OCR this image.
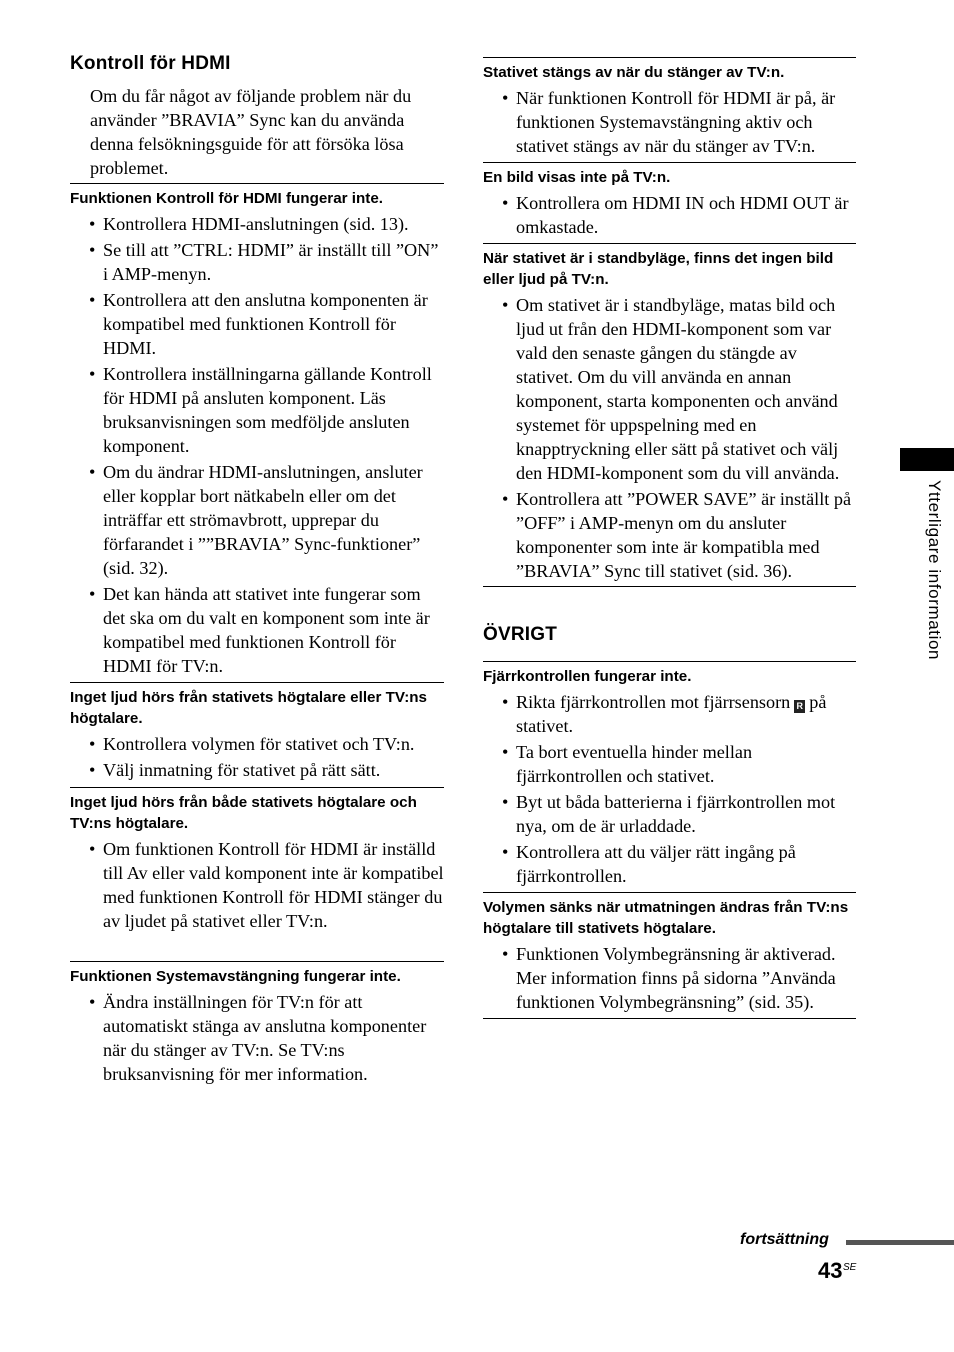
Kontroll för HDMI
Om du får något av följande problem när du använder ”BRAVIA” Sync kan du använda denna felsökningsguide för att försöka lösa problemet.
Funktionen Kontroll för HDMI fungerar inte.
• Kontrollera HDMI-anslutningen (sid. 13).
• Se till att ”CTRL: HDMI” är inställt till ”ON” i AMP-menyn.
• Kontrollera att den anslutna komponenten är kompatibel med funktionen Kontroll för HDMI.
• Kontrollera inställningarna gällande Kontroll för HDMI på ansluten komponent. Läs bruksanvisningen som medföljde ansluten komponent.
• Om du ändrar HDMI-anslutningen, ansluter eller kopplar bort nätkabeln eller om det inträffar ett strömavbrott, upprepar du förfarandet i ””BRAVIA” Sync-funktioner” (sid. 32).
• Det kan hända att stativet inte fungerar som det ska om du valt en komponent som inte är kompatibel med funktionen Kontroll för HDMI för TV:n.
Inget ljud hörs från stativets högtalare eller TV:ns högtalare.
• Kontrollera volymen för stativet och TV:n.
• Välj inmatning för stativet på rätt sätt.
Inget ljud hörs från både stativets högtalare och TV:ns högtalare.
• Om funktionen Kontroll för HDMI är inställd till Av eller vald komponent inte är kompatibel med funktionen Kontroll för HDMI stänger du av ljudet på stativet eller TV:n.
Funktionen Systemavstängning fungerar inte.
• Ändra inställningen för TV:n för att automatiskt stänga av anslutna komponenter när du stänger av TV:n. Se TV:ns bruksanvisning för mer information.
Stativet stängs av när du stänger av TV:n.
• När funktionen Kontroll för HDMI är på, är funktionen Systemavstängning aktiv och stativet stängs av när du stänger av TV:n.
En bild visas inte på TV:n.
• Kontrollera om HDMI IN och HDMI OUT är omkastade.
När stativet är i standbyläge, finns det ingen bild eller ljud på TV:n.
• Om stativet är i standbyläge, matas bild och ljud ut från den HDMI-komponent som var vald den senaste gången du stängde av stativet. Om du vill använda en annan komponent, starta komponenten och använd systemet för uppspelning med en knapptryckning eller sätt på stativet och välj den HDMI-komponent som du vill använda.
• Kontrollera att ”POWER SAVE” är inställt på ”OFF” i AMP-menyn om du ansluter komponenter som inte är kompatibla med ”BRAVIA” Sync till stativet (sid. 36).
ÖVRIGT
Fjärrkontrollen fungerar inte.
• Rikta fjärrkontrollen mot fjärrsensorn R på stativet.
• Ta bort eventuella hinder mellan fjärrkontrollen och stativet.
• Byt ut båda batterierna i fjärrkontrollen mot nya, om de är urladdade.
• Kontrollera att du väljer rätt ingång på fjärrkontrollen.
Volymen sänks när utmatningen ändras från TV:ns högtalare till stativets högtalare.
• Funktionen Volymbegränsning är aktiverad. Mer information finns på sidorna ”Använda funktionen Volymbegränsning” (sid. 35).
Ytterligare information
fortsättning
43 SE
